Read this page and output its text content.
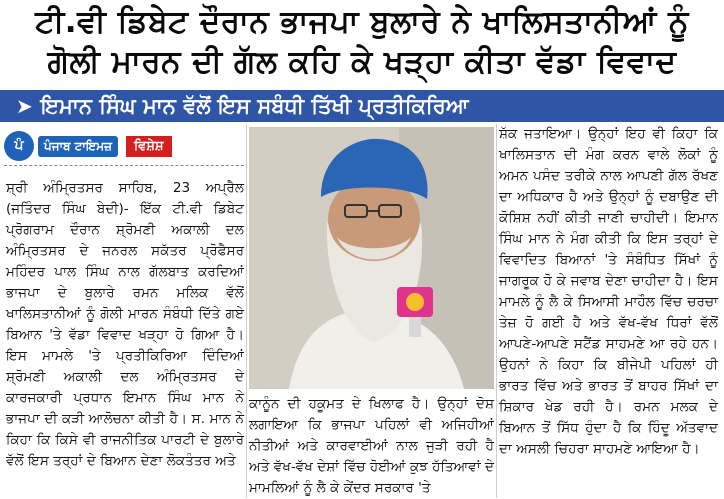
ਟੀ.ਵੀ ਡਿਬੇਟ ਦੌਰਾਨ ਭਾਜਪਾ ਬੁਲਾਰੇ ਨੇ ਖਾਲਿਸਤਾਨੀਆਂ ਨੂੰ
ਗੋਲੀ ਮਾਰਨ ਦੀ ਗੱਲ ਕਹਿ ਕੇ ਖੜ੍ਹਾ ਕੀਤਾ ਵੱਡਾ ਵਿਵਾਦ
➤ ਇਮਾਨ ਸਿੰਘ ਮਾਨ ਵੱਲੋਂ ਇਸ ਸਬੰਧੀ ਤਿੱਖੀ ਪ੍ਰਤੀਕਿਰਿਆ
ਪੰ	ਪੰਜਾਬ ਟਾਇਮਜ਼	ਵਿਸ਼ੇਸ਼

ਸ਼੍ਰੀ ਅੰਮ੍ਰਿਤਸਰ ਸਾਹਿਬ, 23 ਅਪ੍ਰੈਲ (ਜਤਿੰਦਰ ਸਿੰਘ ਬੇਦੀ)- ਇੱਕ ਟੀ.ਵੀ ਡਿਬੇਟ ਪ੍ਰੋਗਰਾਮ ਦੌਰਾਨ ਸ਼੍ਰੋਮਣੀ ਅਕਾਲੀ ਦਲ ਅੰਮ੍ਰਿਤਸਰ ਦੇ ਜਨਰਲ ਸਕੱਤਰ ਪ੍ਰੋਫੈਸਰ ਮਹਿੰਦਰ ਪਾਲ ਸਿੰਘ ਨਾਲ ਗੱਲਬਾਤ ਕਰਦਿਆਂ ਭਾਜਪਾ ਦੇ ਬੁਲਾਰੇ ਰਮਨ ਮਲਿਕ ਵੱਲੋਂ ਖਾਲਿਸਤਾਨੀਆਂ ਨੂੰ ਗੋਲੀ ਮਾਰਨ ਸੰਬੰਧੀ ਦਿੱਤੇ ਗਏ ਬਿਆਨ 'ਤੇ ਵੱਡਾ ਵਿਵਾਦ ਖੜ੍ਹਾ ਹੋ ਗਿਆ ਹੈ। ਇਸ ਮਾਮਲੇ 'ਤੇ ਪ੍ਰਤੀਕਿਰਿਆ ਦਿੰਦਿਆਂ ਸ਼੍ਰੋਮਣੀ ਅਕਾਲੀ ਦਲ ਅੰਮ੍ਰਿਤਸਰ ਦੇ ਕਾਰਜਕਾਰੀ ਪ੍ਰਧਾਨ ਇਮਾਨ ਸਿੰਘ ਮਾਨ ਨੇ ਭਾਜਪਾ ਦੀ ਕੜੀ ਆਲੋਚਨਾ ਕੀਤੀ ਹੈ। ਸ. ਮਾਨ ਨੇ ਕਿਹਾ ਕਿ ਕਿਸੇ ਵੀ ਰਾਜਨੀਤਿਕ ਪਾਰਟੀ ਦੇ ਬੁਲਾਰੇ ਵੱਲੋਂ ਇਸ ਤਰ੍ਹਾਂ ਦੇ ਬਿਆਨ ਦੇਣਾ ਲੋਕਤੰਤਰ ਅਤੇ

ਕਾਨੂੰਨ ਦੀ ਹਕੂਮਤ ਦੇ ਖਿਲਾਫ ਹੈ। ਉਨ੍ਹਾਂ ਦੋਸ਼ ਲਗਾਇਆ ਕਿ ਭਾਜਪਾ ਪਹਿਲਾਂ ਵੀ ਅਜਿਹੀਆਂ ਨੀਤੀਆਂ ਅਤੇ ਕਾਰਵਾਈਆਂ ਨਾਲ ਜੁੜੀ ਰਹੀ ਹੈ ਅਤੇ ਵੱਖ-ਵੱਖ ਦੇਸ਼ਾਂ ਵਿੱਚ ਹੋਈਆਂ ਕੁਝ ਹੱਤਿਆਵਾਂ ਦੇ ਮਾਮਲਿਆਂ ਨੂੰ ਲੈ ਕੇ ਕੇਂਦਰ ਸਰਕਾਰ 'ਤੇ

ਸ਼ੱਕ ਜਤਾਇਆ। ਉਨ੍ਹਾਂ ਇਹ ਵੀ ਕਿਹਾ ਕਿ ਖਾਲਿਸਤਾਨ ਦੀ ਮੰਗ ਕਰਨ ਵਾਲੇ ਲੋਕਾਂ ਨੂੰ ਅਮਨ ਪਸੰਦ ਤਰੀਕੇ ਨਾਲ ਆਪਣੀ ਗੱਲ ਰੱਖਣ ਦਾ ਅਧਿਕਾਰ ਹੈ ਅਤੇ ਉਨ੍ਹਾਂ ਨੂੰ ਦਬਾਉਣ ਦੀ ਕੋਸ਼ਿਸ਼ ਨਹੀਂ ਕੀਤੀ ਜਾਣੀ ਚਾਹੀਦੀ। ਇਮਾਨ ਸਿੰਘ ਮਾਨ ਨੇ ਮੰਗ ਕੀਤੀ ਕਿ ਇਸ ਤਰ੍ਹਾਂ ਦੇ ਵਿਵਾਦਿਤ ਬਿਆਨਾਂ 'ਤੇ ਸੰਬੰਧਿਤ ਸਿੱਖਾਂ ਨੂੰ ਜਾਗਰੂਕ ਹੋ ਕੇ ਜਵਾਬ ਦੇਣਾ ਚਾਹੀਦਾ ਹੈ। ਇਸ ਮਾਮਲੇ ਨੂੰ ਲੈ ਕੇ ਸਿਆਸੀ ਮਾਹੌਲ ਵਿੱਚ ਚਰਚਾ ਤੇਜ਼ ਹੋ ਗਈ ਹੈ ਅਤੇ ਵੱਖ-ਵੱਖ ਧਿਰਾਂ ਵੱਲੋਂ ਆਪਣੇ-ਆਪਣੇ ਸਟੈਂਡ ਸਾਹਮਣੇ ਆ ਰਹੇ ਹਨ। ਉਹਨਾਂ ਨੇ ਕਿਹਾ ਕਿ ਬੀਜੇਪੀ ਪਹਿਲਾਂ ਹੀ ਭਾਰਤ ਵਿੱਚ ਅਤੇ ਭਾਰਤ ਤੋਂ ਬਾਹਰ ਸਿੱਖਾਂ ਦਾ ਸ਼ਿਕਾਰ ਖੇਡ ਰਹੀ ਹੈ। ਰਮਨ ਮਲਕ ਦੇ ਬਿਆਨ ਤੋਂ ਸਿੱਧ ਹੁੰਦਾ ਹੈ ਕਿ ਹਿੰਦੂ ਅੱਤਵਾਦ ਦਾ ਅਸਲੀ ਚਿਹਰਾ ਸਾਹਮਣੇ ਆਇਆ ਹੈ।
